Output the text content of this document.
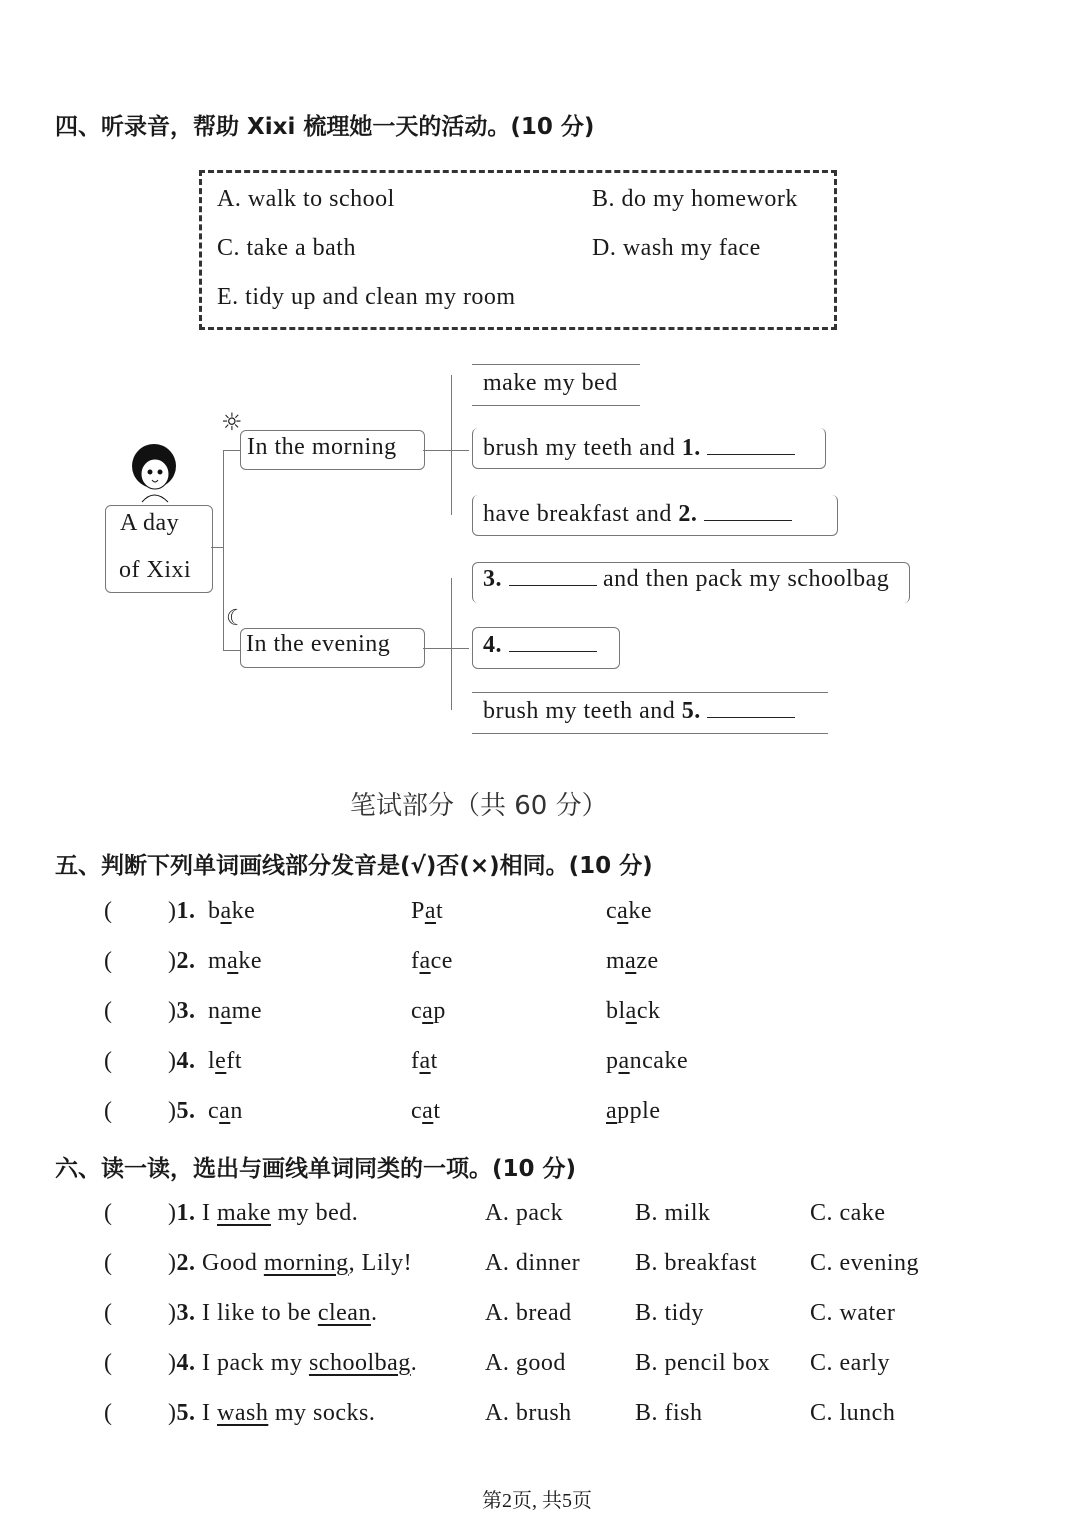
四、听录音，帮助 Xixi 梳理她一天的活动。(10 分)
A. walk to school	B. do my homework
C. take a bath	D. wash my face
E. tidy up and clean my room
A day
of Xixi
☼
In the morning
☾
In the evening
make my bed
brush my teeth and 1.
have breakfast and 2.
3.	and then pack my schoolbag
4.
brush my teeth and 5.
笔试部分（共 60 分）
五、判断下列单词画线部分发音是(√)否(×)相同。(10 分)
( )1. bake	Pat	cake
( )2. make	face	maze
( )3. name	cap	black
( )4. left	fat	pancake
( )5. can	cat	apple
六、读一读，选出与画线单词同类的一项。(10 分)
( )1. I make my bed.	A. pack	B. milk	C. cake
( )2. Good morning, Lily!	A. dinner B. breakfast C. evening
( )3. I like to be clean.	A. bread	B. tidy	C. water
( )4. I pack my schoolbag.	A. good	B. pencil box C. early
( )5. I wash my socks.	A. brush	B. fish	C. lunch
第2页, 共5页
